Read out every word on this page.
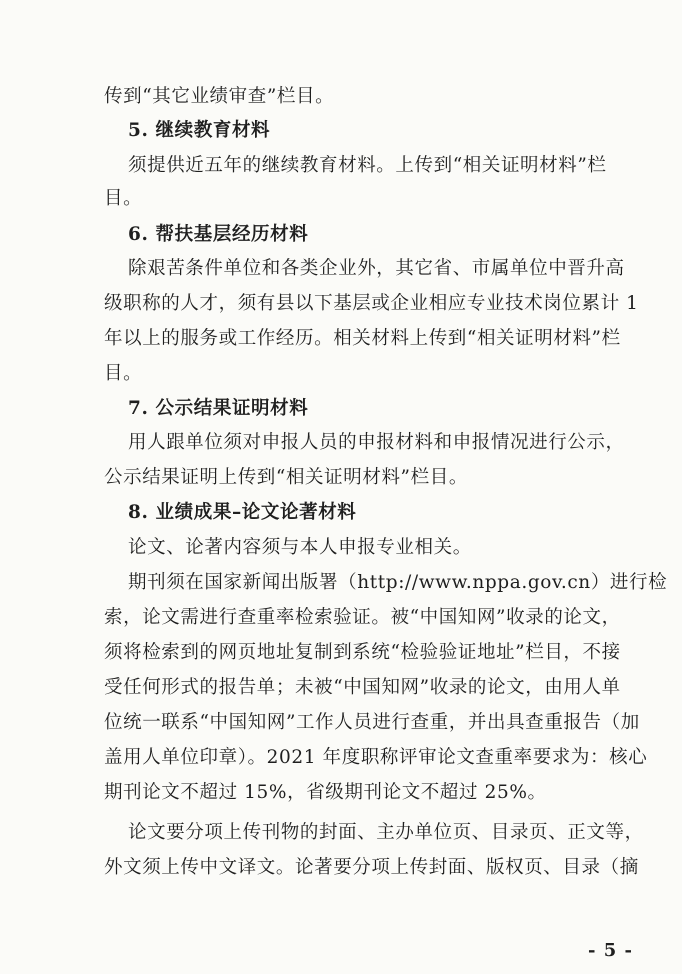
传到“其它业绩审查”栏目。
5. 继续教育材料
须提供近五年的继续教育材料。上传到“相关证明材料”栏
目。
6. 帮扶基层经历材料
除艰苦条件单位和各类企业外，其它省、市属单位中晋升高
级职称的人才，须有县以下基层或企业相应专业技术岗位累计 1
年以上的服务或工作经历。相关材料上传到“相关证明材料”栏
目。
7. 公示结果证明材料
用人跟单位须对申报人员的申报材料和申报情况进行公示，
公示结果证明上传到“相关证明材料”栏目。
8. 业绩成果–论文论著材料
论文、论著内容须与本人申报专业相关。
期刊须在国家新闻出版署（http://www.nppa.gov.cn）进行检
索，论文需进行查重率检索验证。被“中国知网”收录的论文，
须将检索到的网页地址复制到系统“检验验证地址”栏目，不接
受任何形式的报告单；未被“中国知网”收录的论文，由用人单
位统一联系“中国知网”工作人员进行查重，并出具查重报告（加
盖用人单位印章）。2021 年度职称评审论文查重率要求为：核心
期刊论文不超过 15%，省级期刊论文不超过 25%。
论文要分项上传刊物的封面、主办单位页、目录页、正文等，
外文须上传中文译文。论著要分项上传封面、版权页、目录（摘
- 5 -
